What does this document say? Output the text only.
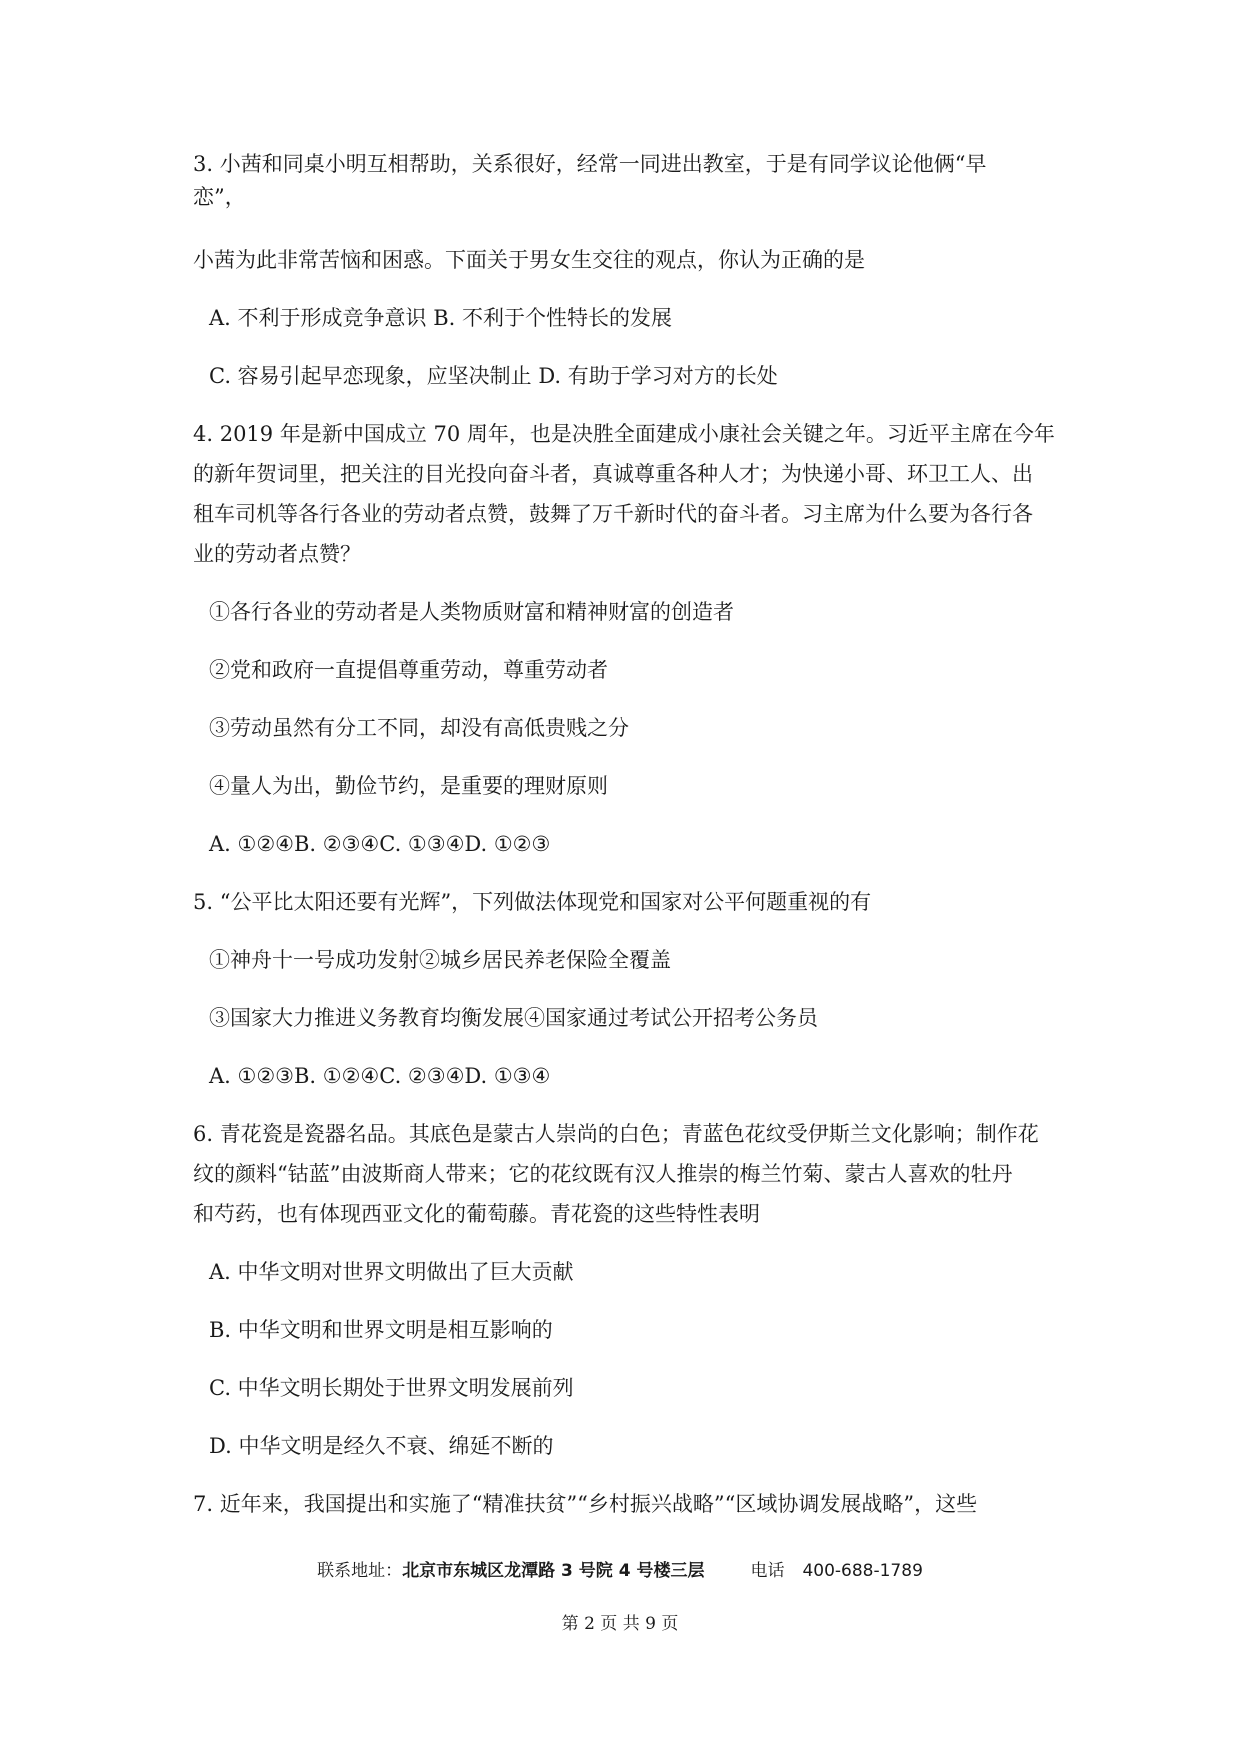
3. 小茜和同桌小明互相帮助，关系很好，经常一同进出教室，于是有同学议论他俩“早

恋”，

小茜为此非常苦恼和困惑。下面关于男女生交往的观点，你认为正确的是

A. 不利于形成竞争意识 B. 不利于个性特长的发展

C. 容易引起早恋现象，应坚决制止 D. 有助于学习对方的长处

4. 2019 年是新中国成立 70 周年，也是决胜全面建成小康社会关键之年。习近平主席在今年

的新年贺词里，把关注的目光投向奋斗者，真诚尊重各种人才；为快递小哥、环卫工人、出

租车司机等各行各业的劳动者点赞，鼓舞了万千新时代的奋斗者。习主席为什么要为各行各

业的劳动者点赞？

①各行各业的劳动者是人类物质财富和精神财富的创造者

②党和政府一直提倡尊重劳动，尊重劳动者

③劳动虽然有分工不同，却没有高低贵贱之分

④量人为出，勤俭节约，是重要的理财原则

A. ①②④B. ②③④C. ①③④D. ①②③

5. “公平比太阳还要有光辉”，下列做法体现党和国家对公平何题重视的有

①神舟十一号成功发射②城乡居民养老保险全覆盖

③国家大力推进义务教育均衡发展④国家通过考试公开招考公务员

A. ①②③B. ①②④C. ②③④D. ①③④

6. 青花瓷是瓷器名品。其底色是蒙古人崇尚的白色；青蓝色花纹受伊斯兰文化影响；制作花

纹的颜料“钴蓝”由波斯商人带来；它的花纹既有汉人推崇的梅兰竹菊、蒙古人喜欢的牡丹

和芍药，也有体现西亚文化的葡萄藤。青花瓷的这些特性表明

A. 中华文明对世界文明做出了巨大贡献

B. 中华文明和世界文明是相互影响的

C. 中华文明长期处于世界文明发展前列

D. 中华文明是经久不衰、绵延不断的

7. 近年来，我国提出和实施了“精准扶贫”“乡村振兴战略”“区域协调发展战略”，这些

联系地址：北京市东城区龙潭路 3 号院 4 号楼三层	电话 400-688-1789
第 2 页 共 9 页
